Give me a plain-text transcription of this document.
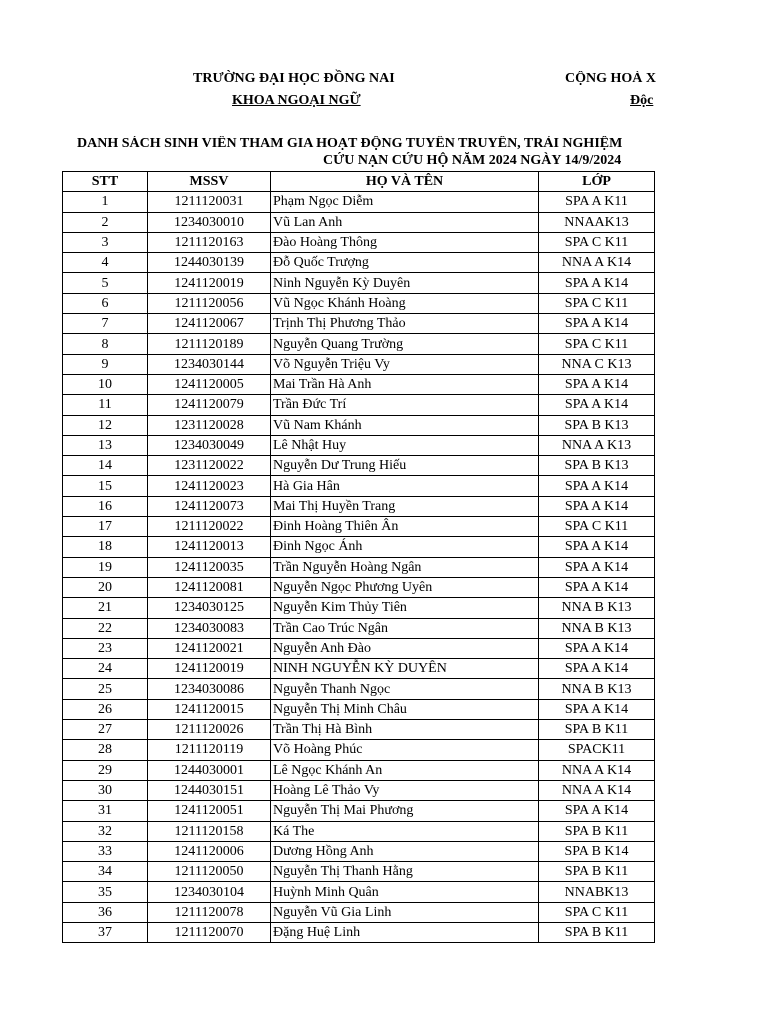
TRƯỜNG ĐẠI HỌC ĐỒNG NAI
KHOA NGOẠI NGỮ
CỘNG HOÀ X
Độc
DANH SÁCH SINH VIÊN THAM GIA HOẠT ĐỘNG TUYÊN TRUYỀN, TRẢI NGHIỆM
CỨU NẠN CỨU HỘ NĂM 2024 NGÀY 14/9/2024
STT	MSSV	HỌ VÀ TÊN	LỚP
1	1211120031	Phạm Ngọc Diễm	SPA A K11
2	1234030010	Vũ Lan Anh	NNAAK13
3	1211120163	Đào Hoàng Thông	SPA C K11
4	1244030139	Đỗ Quốc Trượng	NNA A K14
5	1241120019	Ninh Nguyễn Kỳ Duyên	SPA A K14
6	1211120056	Vũ Ngọc Khánh Hoàng	SPA C K11
7	1241120067	Trịnh Thị Phương Thảo	SPA A K14
8	1211120189	Nguyễn Quang Trường	SPA C K11
9	1234030144	Võ Nguyễn Triệu Vy	NNA C K13
10	1241120005	Mai Trần Hà Anh	SPA A K14
11	1241120079	Trần Đức Trí	SPA A K14
12	1231120028	Vũ Nam Khánh	SPA B K13
13	1234030049	Lê Nhật Huy	NNA A K13
14	1231120022	Nguyễn Dư Trung Hiếu	SPA B K13
15	1241120023	Hà Gia Hân	SPA A K14
16	1241120073	Mai Thị Huyền Trang	SPA A K14
17	1211120022	Đinh Hoàng Thiên Ân	SPA C K11
18	1241120013	Đinh Ngọc Ánh	SPA A K14
19	1241120035	Trần Nguyễn Hoàng Ngân	SPA A K14
20	1241120081	Nguyễn Ngọc Phương Uyên	SPA A K14
21	1234030125	Nguyễn Kim Thủy Tiên	NNA B K13
22	1234030083	Trần Cao Trúc Ngân	NNA B K13
23	1241120021	Nguyễn Anh Đào	SPA A K14
24	1241120019	NINH NGUYỄN KỲ DUYÊN	SPA A K14
25	1234030086	Nguyễn Thanh Ngọc	NNA B K13
26	1241120015	Nguyễn Thị Minh Châu	SPA A K14
27	1211120026	Trần Thị Hà Bình	SPA B K11
28	1211120119	Võ Hoàng Phúc	SPACK11
29	1244030001	Lê Ngọc Khánh An	NNA A K14
30	1244030151	Hoàng Lê Thảo Vy	NNA A K14
31	1241120051	Nguyễn Thị Mai Phương	SPA A K14
32	1211120158	Ká The	SPA B K11
33	1241120006	Dương Hồng Anh	SPA B K14
34	1211120050	Nguyễn Thị Thanh Hằng	SPA B K11
35	1234030104	Huỳnh Minh Quân	NNABK13
36	1211120078	Nguyễn Vũ Gia Linh	SPA C K11
37	1211120070	Đặng Huệ Linh	SPA B K11
